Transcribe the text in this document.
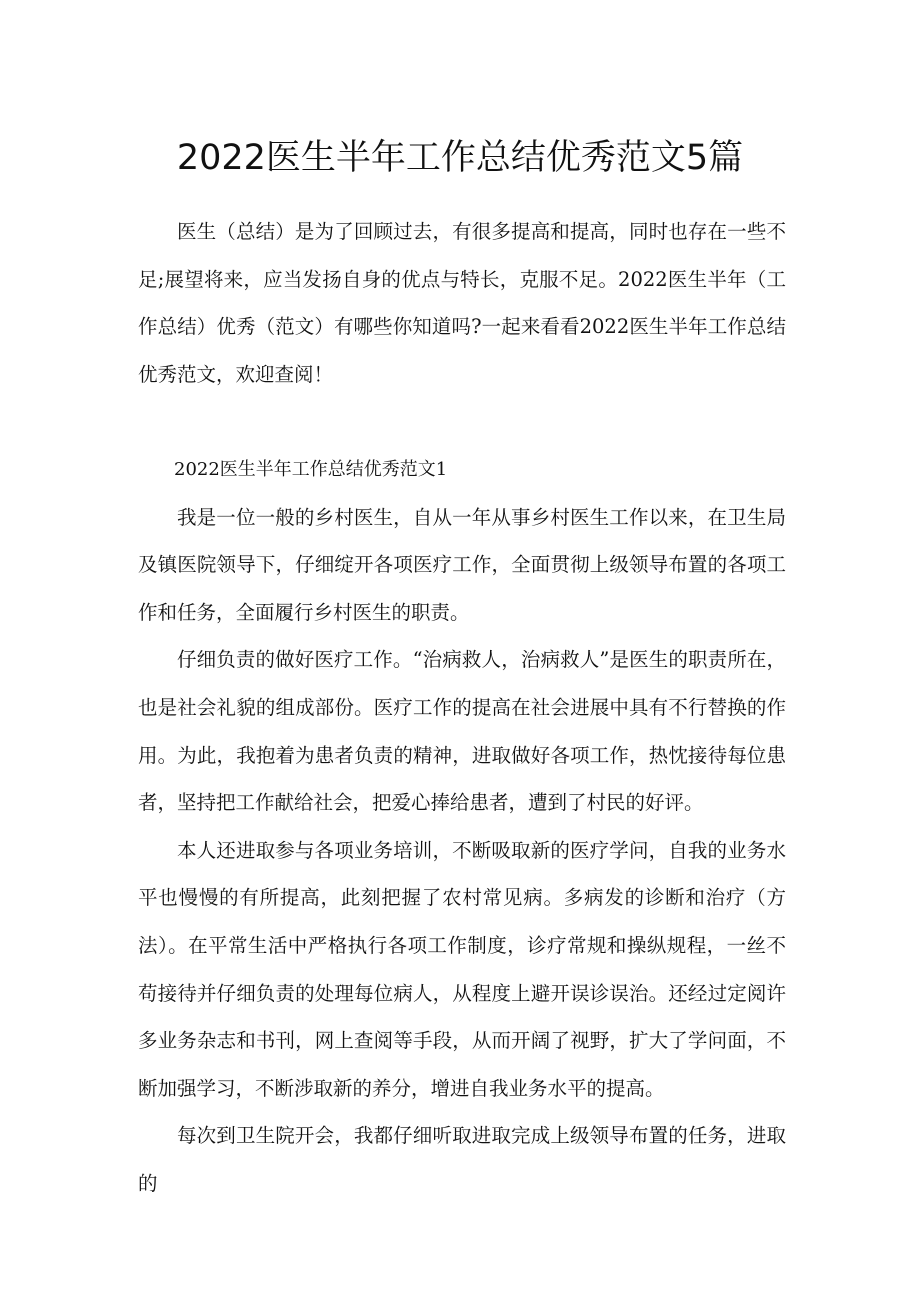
2022医生半年工作总结优秀范文5篇

医生（总结）是为了回顾过去，有很多提高和提高，同时也存在一些不足;展望将来，应当发扬自身的优点与特长，克服不足。2022医生半年（工作总结）优秀（范文）有哪些你知道吗?一起来看看2022医生半年工作总结优秀范文，欢迎查阅！

2022医生半年工作总结优秀范文1

我是一位一般的乡村医生，自从一年从事乡村医生工作以来，在卫生局及镇医院领导下，仔细绽开各项医疗工作，全面贯彻上级领导布置的各项工作和任务，全面履行乡村医生的职责。

仔细负责的做好医疗工作。“治病救人，治病救人”是医生的职责所在，也是社会礼貌的组成部份。医疗工作的提高在社会进展中具有不行替换的作用。为此，我抱着为患者负责的精神，进取做好各项工作，热忱接待每位患者，坚持把工作献给社会，把爱心捧给患者，遭到了村民的好评。

本人还进取参与各项业务培训，不断吸取新的医疗学问，自我的业务水平也慢慢的有所提高，此刻把握了农村常见病。多病发的诊断和治疗（方法）。在平常生活中严格执行各项工作制度，诊疗常规和操纵规程，一丝不苟接待并仔细负责的处理每位病人，从程度上避开误诊误治。还经过定阅许多业务杂志和书刊，网上查阅等手段，从而开阔了视野，扩大了学问面，不断加强学习，不断涉取新的养分，增进自我业务水平的提高。

每次到卫生院开会，我都仔细听取进取完成上级领导布置的任务，进取的
